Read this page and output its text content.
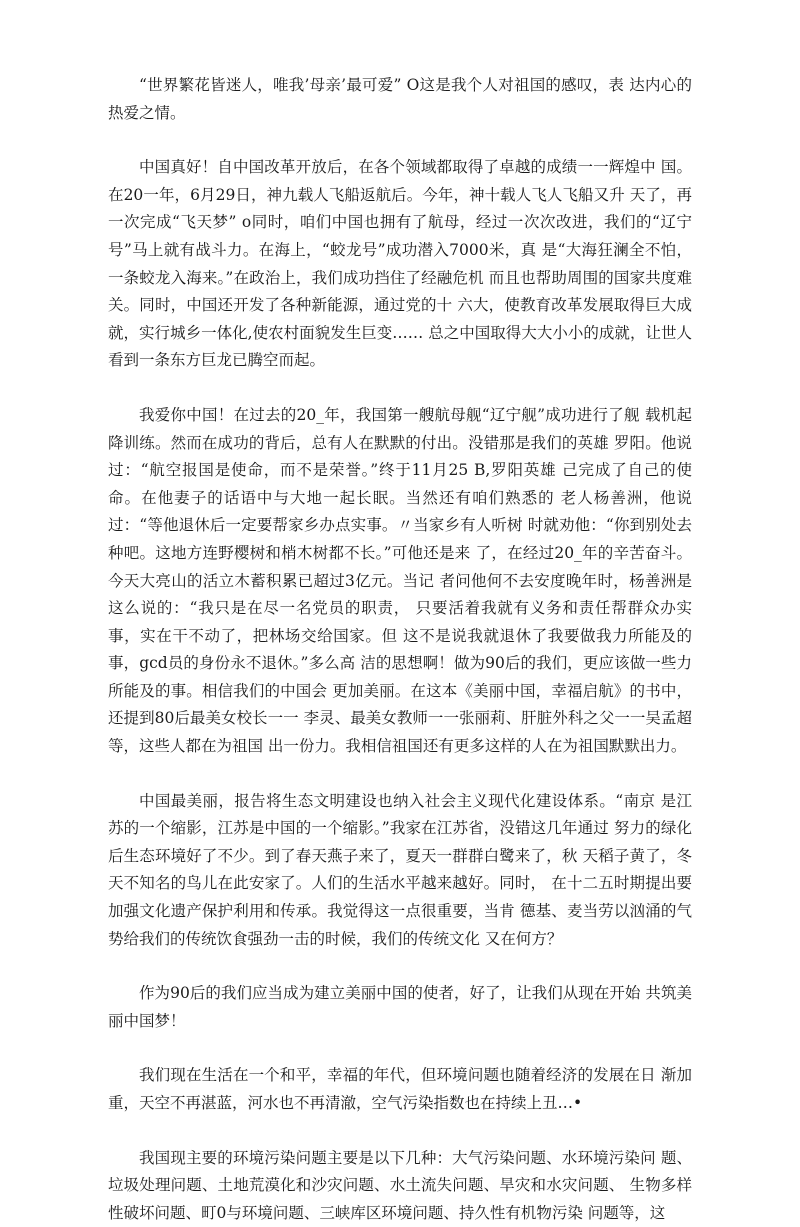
“世界繁花皆迷人，唯我’母亲’最可爱” O这是我个人对祖国的感叹，表 达内心的热爱之情。

中国真好！自中国改革开放后，在各个领域都取得了卓越的成绩一一辉煌中 国。在20一年，6月29日，神九载人飞船返航后。今年，神十载人飞人飞船又升 天了，再一次完成“飞天梦” o同时，咱们中国也拥有了航母，经过一次次改进，我们的“辽宁号”马上就有战斗力。在海上，“蛟龙号”成功潜入7000米，真 是“大海狂澜全不怕，一条蛟龙入海来。”在政治上，我们成功挡住了经融危机 而且也帮助周围的国家共度难关。同时，中国还开发了各种新能源，通过党的十 六大，使教育改革发展取得巨大成就，实行城乡一体化,使农村面貌发生巨变…… 总之中国取得大大小小的成就，让世人看到一条东方巨龙已腾空而起。

我爱你中国！在过去的20_年，我国第一艘航母舰“辽宁舰”成功进行了舰 载机起降训练。然而在成功的背后，总有人在默默的付出。没错那是我们的英雄 罗阳。他说过：“航空报国是使命，而不是荣誉。”终于11月25 B,罗阳英雄 己完成了自己的使命。在他妻子的话语中与大地一起长眠。当然还有咱们熟悉的 老人杨善洲，他说过：“等他退休后一定要帮家乡办点实事。〃当家乡有人听树 时就劝他：“你到别处去种吧。这地方连野樱树和梢木树都不长。”可他还是来 了，在经过20_年的辛苦奋斗。今天大亮山的活立木蓄积累已超过3亿元。当记 者问他何不去安度晚年时，杨善洲是这么说的：“我只是在尽一名党员的职责， 只要活着我就有义务和责任帮群众办实事，实在干不动了，把林场交给国家。但 这不是说我就退休了我要做我力所能及的事，gcd员的身份永不退休。”多么高 洁的思想啊！做为90后的我们，更应该做一些力所能及的事。相信我们的中国会 更加美丽。在这本《美丽中国，幸福启航》的书中，还提到80后最美女校长一一 李灵、最美女教师一一张丽莉、肝脏外科之父一一吴孟超等，这些人都在为祖国 出一份力。我相信祖国还有更多这样的人在为祖国默默出力。

中国最美丽，报告将生态文明建设也纳入社会主义现代化建设体系。“南京 是江苏的一个缩影，江苏是中国的一个缩影。”我家在江苏省，没错这几年通过 努力的绿化后生态环境好了不少。到了春天燕子来了，夏天一群群白鹭来了，秋 天稻子黄了，冬天不知名的鸟儿在此安家了。人们的生活水平越来越好。同时， 在十二五时期提出要加强文化遗产保护利用和传承。我觉得这一点很重要，当肯 德基、麦当劳以汹涌的气势给我们的传统饮食强劲一击的时候，我们的传统文化 又在何方？

作为90后的我们应当成为建立美丽中国的使者，好了，让我们从现在开始 共筑美丽中国梦！

我们现在生活在一个和平，幸福的年代，但环境问题也随着经济的发展在日 渐加重，天空不再湛蓝，河水也不再清澈，空气污染指数也在持续上丑…•

我国现主要的环境污染问题主要是以下几种：大气污染问题、水环境污染问 题、垃圾处理问题、土地荒漠化和沙灾问题、水土流失问题、旱灾和水灾问题、 生物多样性破坏问题、町0与环境问题、三峡库区环境问题、持久性有机物污染 问题等，这
